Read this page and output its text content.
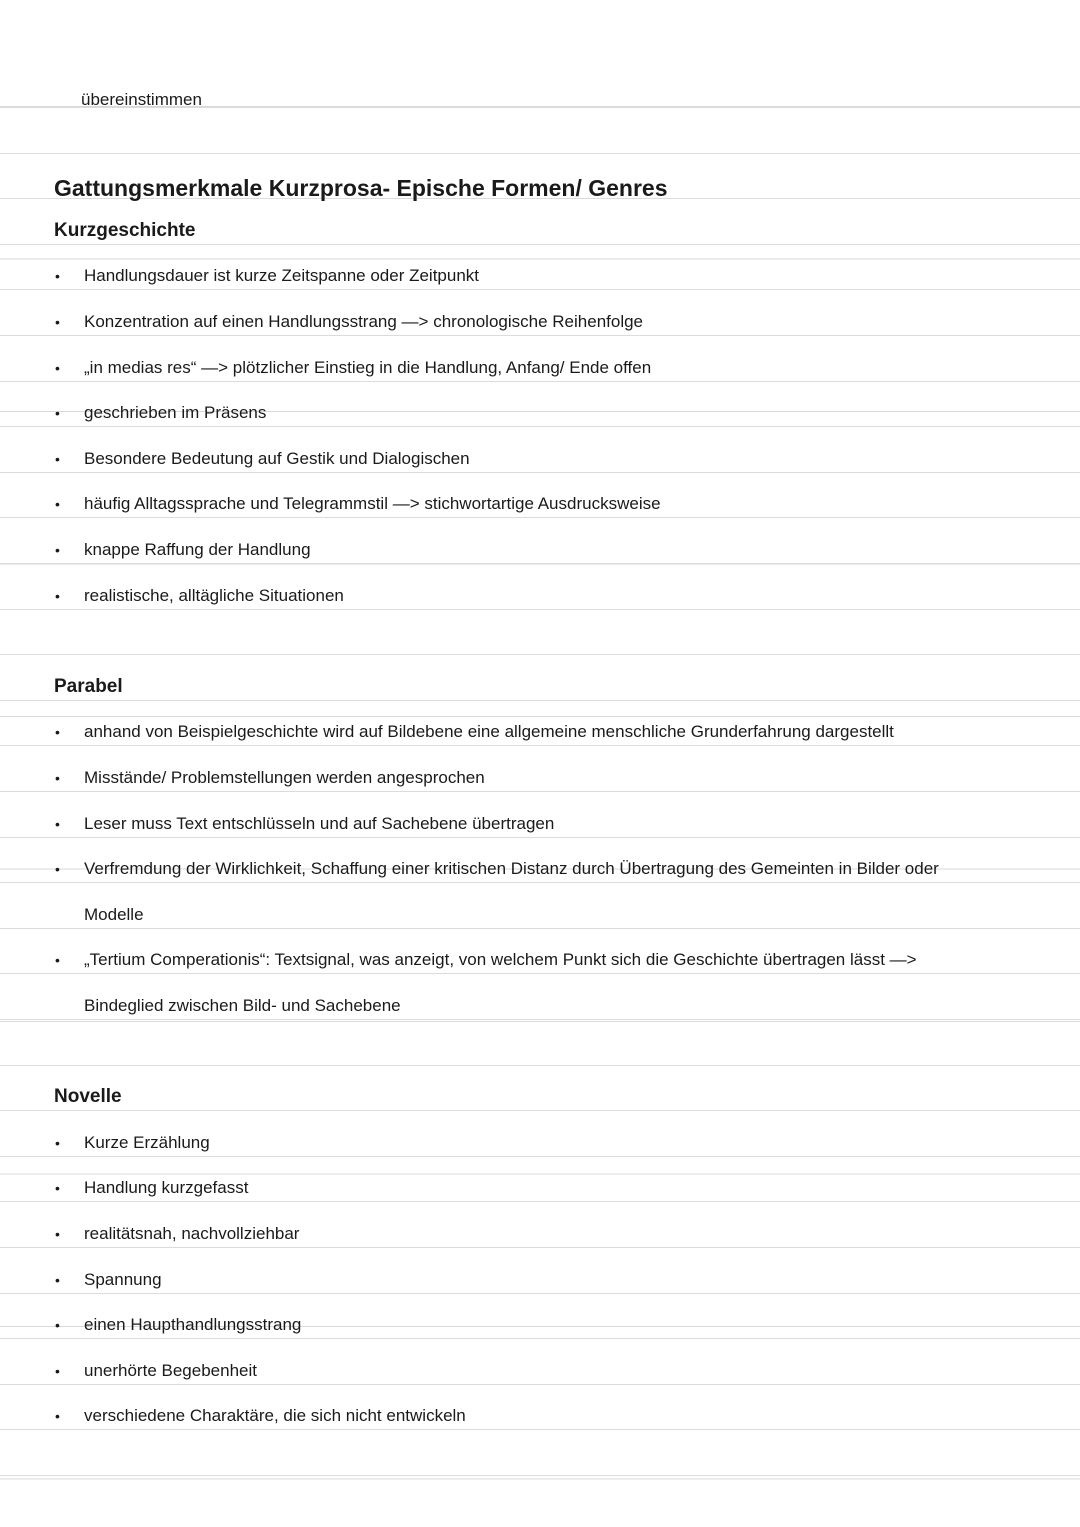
übereinstimmen
Gattungsmerkmale Kurzprosa- Epische Formen/ Genres
Kurzgeschichte
• Handlungsdauer ist kurze Zeitspanne oder Zeitpunkt
• Konzentration auf einen Handlungsstrang —> chronologische Reihenfolge
• „in medias res“ —> plötzlicher Einstieg in die Handlung, Anfang/ Ende offen
• geschrieben im Präsens
• Besondere Bedeutung auf Gestik und Dialogischen
• häufig Alltagssprache und Telegrammstil —> stichwortartige Ausdrucksweise
• knappe Raffung der Handlung
• realistische, alltägliche Situationen
Parabel
• anhand von Beispielgeschichte wird auf Bildebene eine allgemeine menschliche Grunderfahrung dargestellt
• Misstände/ Problemstellungen werden angesprochen
• Leser muss Text entschlüsseln und auf Sachebene übertragen
• Verfremdung der Wirklichkeit, Schaffung einer kritischen Distanz durch Übertragung des Gemeinten in Bilder oder
Modelle
• „Tertium Comperationis“: Textsignal, was anzeigt, von welchem Punkt sich die Geschichte übertragen lässt —>
Bindeglied zwischen Bild- und Sachebene
Novelle
• Kurze Erzählung
• Handlung kurzgefasst
• realitätsnah, nachvollziehbar
• Spannung
• einen Haupthandlungsstrang
• unerhörte Begebenheit
• verschiedene Charaktäre, die sich nicht entwickeln
